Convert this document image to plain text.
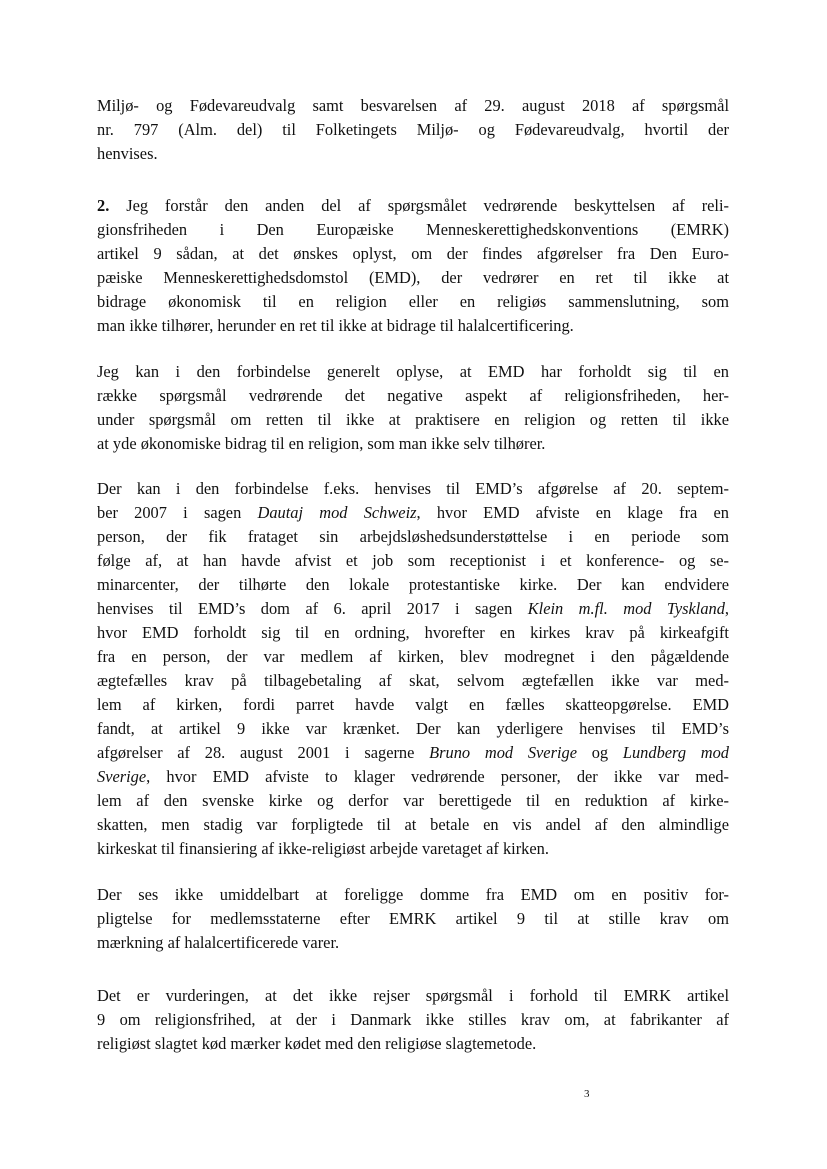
Miljø- og Fødevareudvalg samt besvarelsen af 29. august 2018 af spørgsmål
nr. 797 (Alm. del) til Folketingets Miljø- og Fødevareudvalg, hvortil der
henvises.
2. Jeg forstår den anden del af spørgsmålet vedrørende beskyttelsen af reli-
gionsfriheden i Den Europæiske Menneskerettighedskonventions (EMRK)
artikel 9 sådan, at det ønskes oplyst, om der findes afgørelser fra Den Euro-
pæiske Menneskerettighedsdomstol (EMD), der vedrører en ret til ikke at
bidrage økonomisk til en religion eller en religiøs sammenslutning, som
man ikke tilhører, herunder en ret til ikke at bidrage til halalcertificering.
Jeg kan i den forbindelse generelt oplyse, at EMD har forholdt sig til en
række spørgsmål vedrørende det negative aspekt af religionsfriheden, her-
under spørgsmål om retten til ikke at praktisere en religion og retten til ikke
at yde økonomiske bidrag til en religion, som man ikke selv tilhører.
Der kan i den forbindelse f.eks. henvises til EMD’s afgørelse af 20. septem-
ber 2007 i sagen Dautaj mod Schweiz, hvor EMD afviste en klage fra en
person, der fik frataget sin arbejdsløshedsunderstøttelse i en periode som
følge af, at han havde afvist et job som receptionist i et konference- og se-
minarcenter, der tilhørte den lokale protestantiske kirke. Der kan endvidere
henvises til EMD’s dom af 6. april 2017 i sagen Klein m.fl. mod Tyskland,
hvor EMD forholdt sig til en ordning, hvorefter en kirkes krav på kirkeafgift
fra en person, der var medlem af kirken, blev modregnet i den pågældende
ægtefælles krav på tilbagebetaling af skat, selvom ægtefællen ikke var med-
lem af kirken, fordi parret havde valgt en fælles skatteopgørelse. EMD
fandt, at artikel 9 ikke var krænket. Der kan yderligere henvises til EMD’s
afgørelser af 28. august 2001 i sagerne Bruno mod Sverige og Lundberg mod
Sverige, hvor EMD afviste to klager vedrørende personer, der ikke var med-
lem af den svenske kirke og derfor var berettigede til en reduktion af kirke-
skatten, men stadig var forpligtede til at betale en vis andel af den almindlige
kirkeskat til finansiering af ikke-religiøst arbejde varetaget af kirken.
Der ses ikke umiddelbart at foreligge domme fra EMD om en positiv for-
pligtelse for medlemsstaterne efter EMRK artikel 9 til at stille krav om
mærkning af halalcertificerede varer.
Det er vurderingen, at det ikke rejser spørgsmål i forhold til EMRK artikel
9 om religionsfrihed, at der i Danmark ikke stilles krav om, at fabrikanter af
religiøst slagtet kød mærker kødet med den religiøse slagtemetode.
3
